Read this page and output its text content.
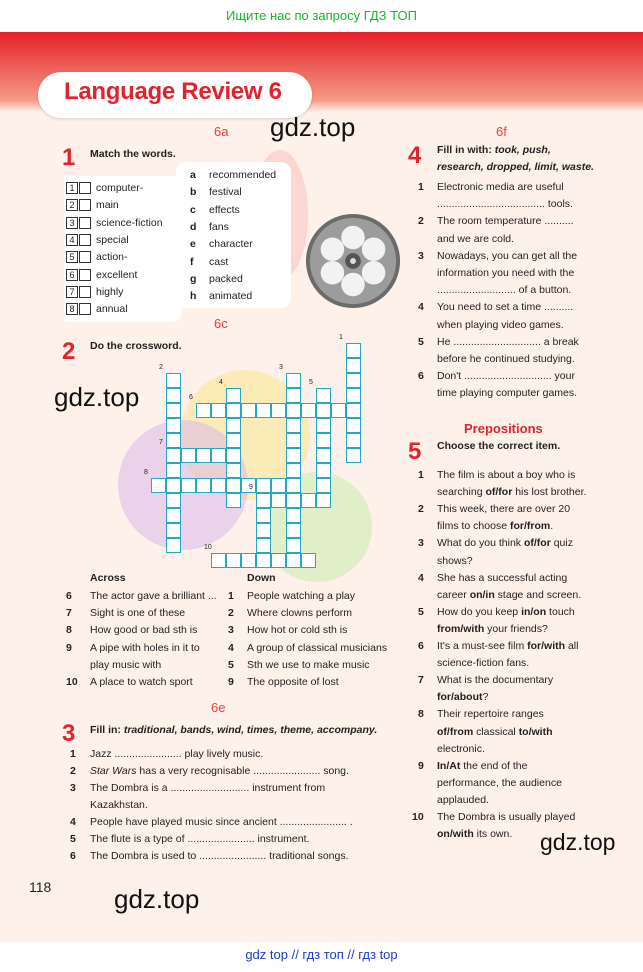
Ищите нас по запросу ГДЗ ТОП
Language Review 6
gdz.top
gdz.top
gdz.top
gdz.top
6a
1 Match the words.
1	computer-
2	main
3	science-fiction
4	special
5	action-
6	excellent
7	highly
8	annual
a recommended
b festival
c effects
d fans
e character
f cast
g packed
h animated
6c
2 Do the crossword.
1
2	3
4	5
6
7
8
9
10
Across	Down
6 The actor gave a brilliant ...
7 Sight is one of these
8 How good or bad sth is
9 A pipe with holes in it to
play music with
10 A place to watch sport
1 People watching a play
2 Where clowns perform
3 How hot or cold sth is
4 A group of classical musicians
5 Sth we use to make music
9 The opposite of lost
6e
3 Fill in: traditional, bands, wind, times, theme, accompany.
1 Jazz ....................... play lively music.
2 Star Wars has a very recognisable ....................... song.
3 The Dombra is a ........................... instrument from
Kazakhstan.
4 People have played music since ancient ....................... .
5 The flute is a type of ....................... instrument.
6 The Dombra is used to ....................... traditional songs.
118
6f
4 Fill in with: took, push,
research, dropped, limit, waste.
1 Electronic media are useful
..................................... tools.
2 The room temperature ..........
and we are cold.
3 Nowadays, you can get all the
information you need with the
........................... of a button.
4 You need to set a time ..........
when playing video games.
5 He .............................. a break
before he continued studying.
6 Don't .............................. your
time playing computer games.
Prepositions
5 Choose the correct item.
1 The film is about a boy who is
searching of/for his lost brother.
2 This week, there are over 20
films to choose for/from.
3 What do you think of/for quiz
shows?
4 She has a successful acting
career on/in stage and screen.
5 How do you keep in/on touch
from/with your friends?
6 It's a must-see film for/with all
science-fiction fans.
7 What is the documentary
for/about?
8 Their repertoire ranges
of/from classical to/with
electronic.
9 In/At the end of the
performance, the audience
applauded.
10 The Dombra is usually played
on/with its own.
gdz top // гдз топ // гдз top
